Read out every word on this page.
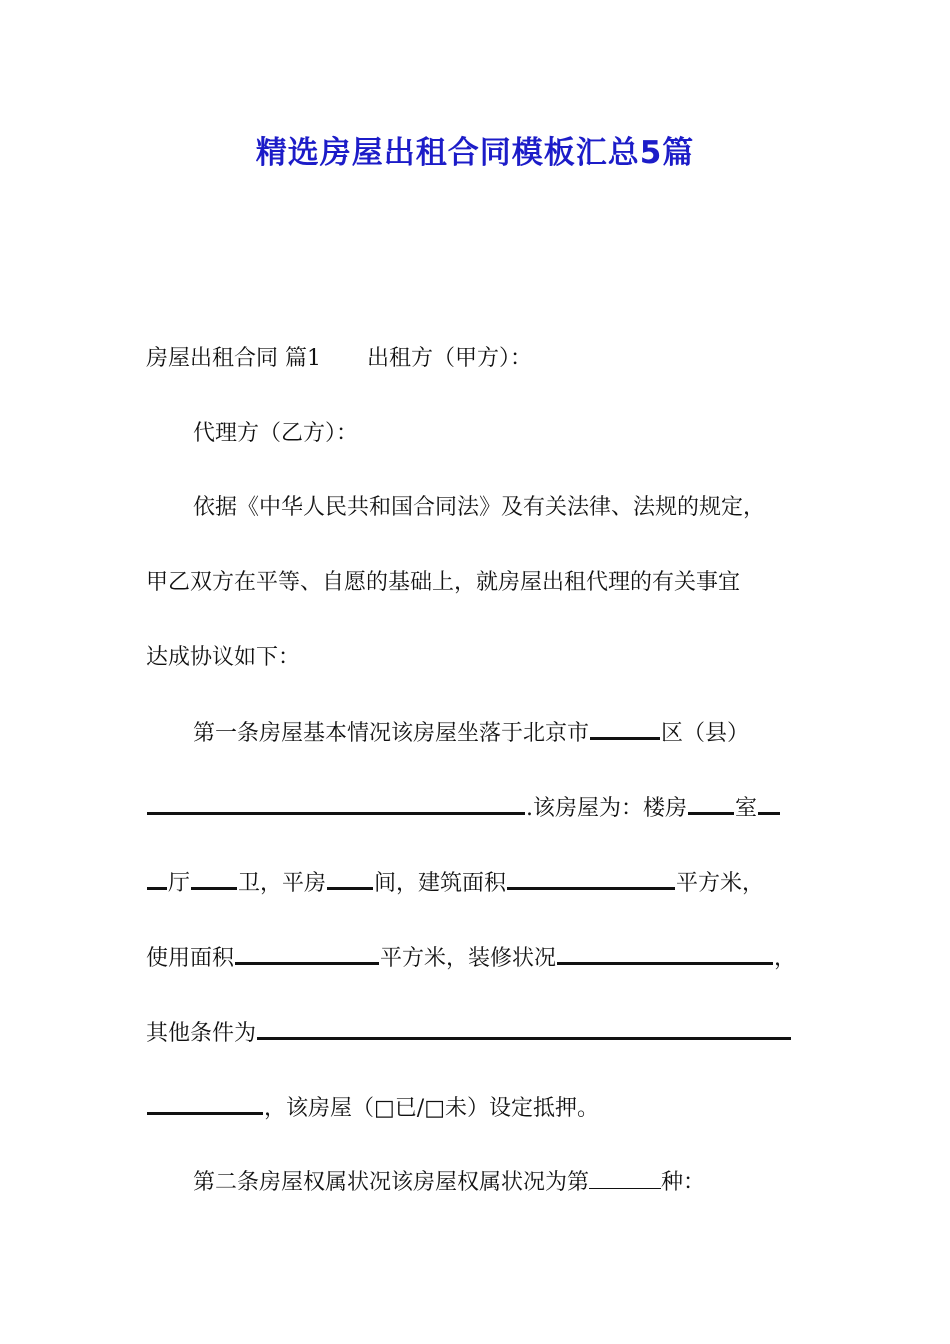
精选房屋出租合同模板汇总5篇
房屋出租合同 篇1 出租方（甲方）：
代理方（乙方）：
依据《中华人民共和国合同法》及有关法律、法规的规定，
甲乙双方在平等、自愿的基础上，就房屋出租代理的有关事宜
达成协议如下：
第一条房屋基本情况该房屋坐落于北京市	区（县）
.该房屋为：楼房 室
厅 卫，平房 间，建筑面积	平方米，
使用面积	平方米，装修状况	，
其他条件为
，该房屋（□已/□未）设定抵押。
第二条房屋权属状况该房屋权属状况为第	种：
